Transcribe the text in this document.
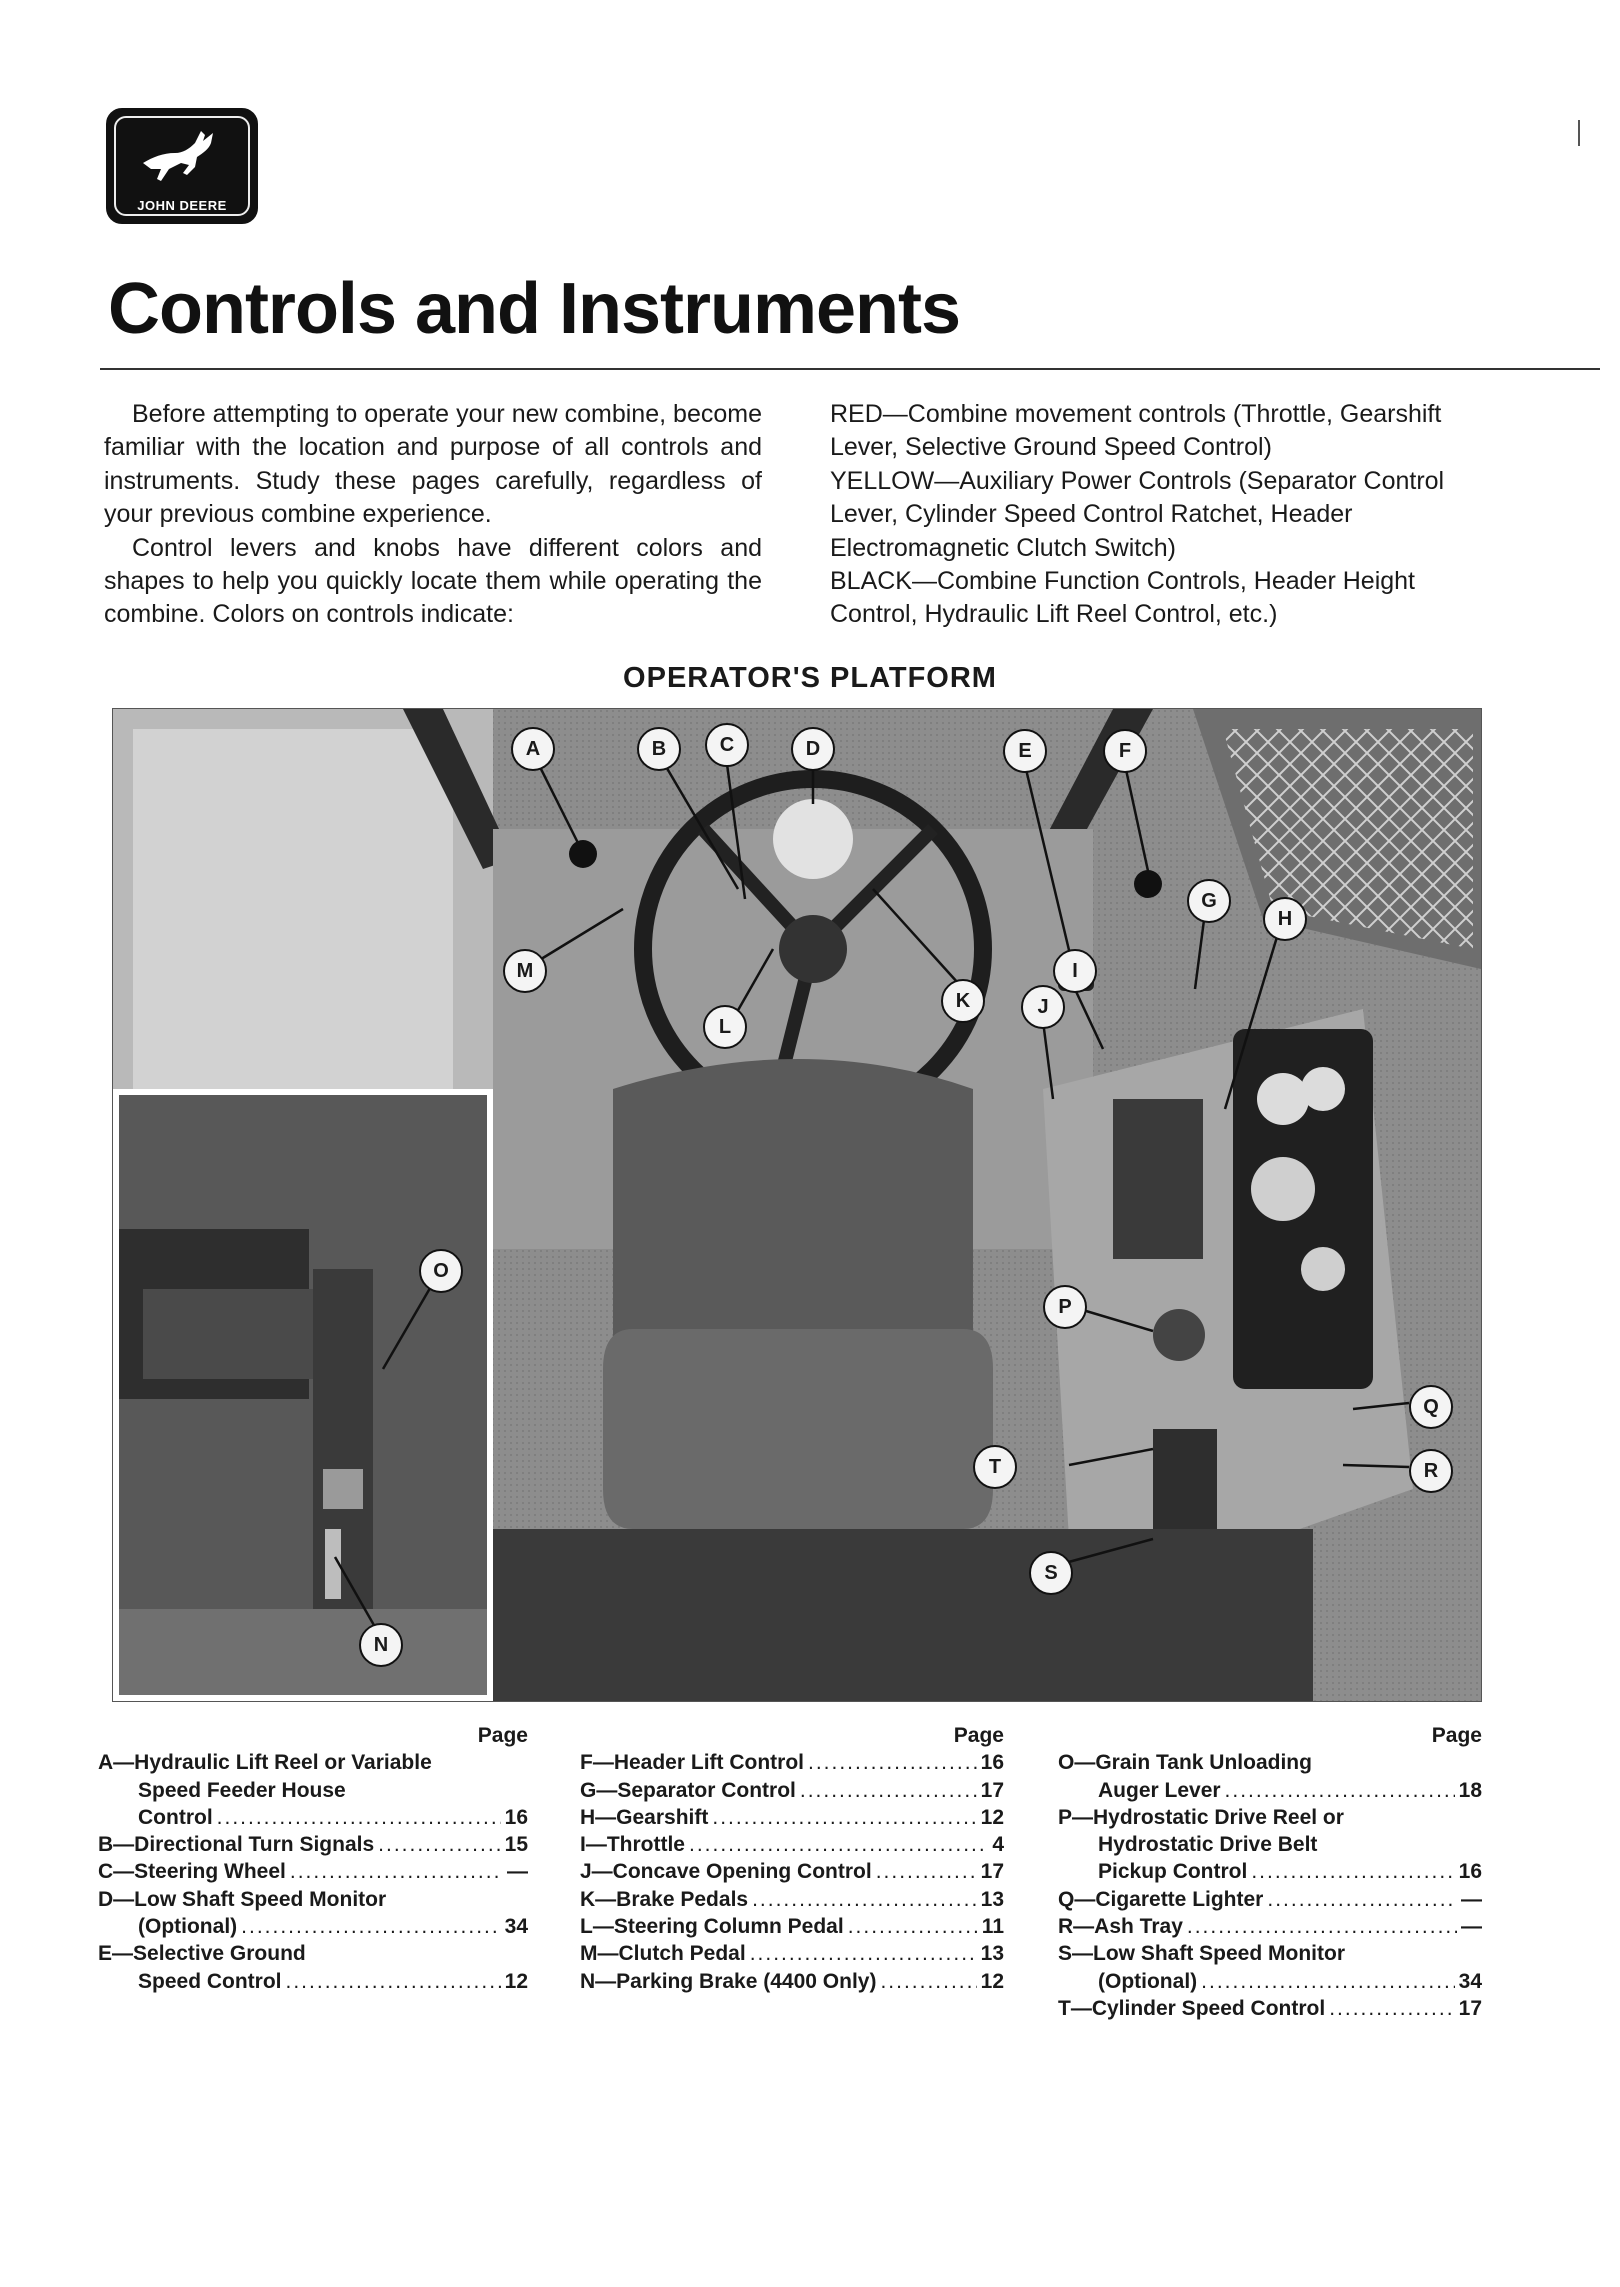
JOHN DEERE
Controls and Instruments

Before attempting to operate your new combine, become familiar with the location and purpose of all controls and instruments. Study these pages carefully, regardless of your previous combine experience.

Control levers and knobs have different colors and shapes to help you quickly locate them while operating the combine. Colors on controls indicate:

RED—Combine movement controls (Throttle, Gearshift Lever, Selective Ground Speed Control)

YELLOW—Auxiliary Power Controls (Separator Control Lever, Cylinder Speed Control Ratchet, Header Electromagnetic Clutch Switch)

BLACK—Combine Function Controls, Header Height Control, Hydraulic Lift Reel Control, etc.)

OPERATOR'S PLATFORM
A	B	C	D	E	F
G
H
I
J
K
L
M
N
O
P
Q
R
S
T
Page
A—Hydraulic Lift Reel or Variable
Speed Feeder House
Control .....	16
B—Directional Turn Signals .....	15
C—Steering Wheel .....	—
D—Low Shaft Speed Monitor
(Optional) .....	34
E—Selective Ground
Speed Control .....	12
Page
F—Header Lift Control .....	16
G—Separator Control .....	17
H—Gearshift .....	12
I—Throttle .....	4
J—Concave Opening Control .....	17
K—Brake Pedals .....	13
L—Steering Column Pedal .....	11
M—Clutch Pedal .....	13
N—Parking Brake (4400 Only) .....	12
Page
O—Grain Tank Unloading
Auger Lever .....	18
P—Hydrostatic Drive Reel or
Hydrostatic Drive Belt
Pickup Control .....	16
Q—Cigarette Lighter .....	—
R—Ash Tray .....	—
S—Low Shaft Speed Monitor
(Optional) .....	34
T—Cylinder Speed Control .....	17
